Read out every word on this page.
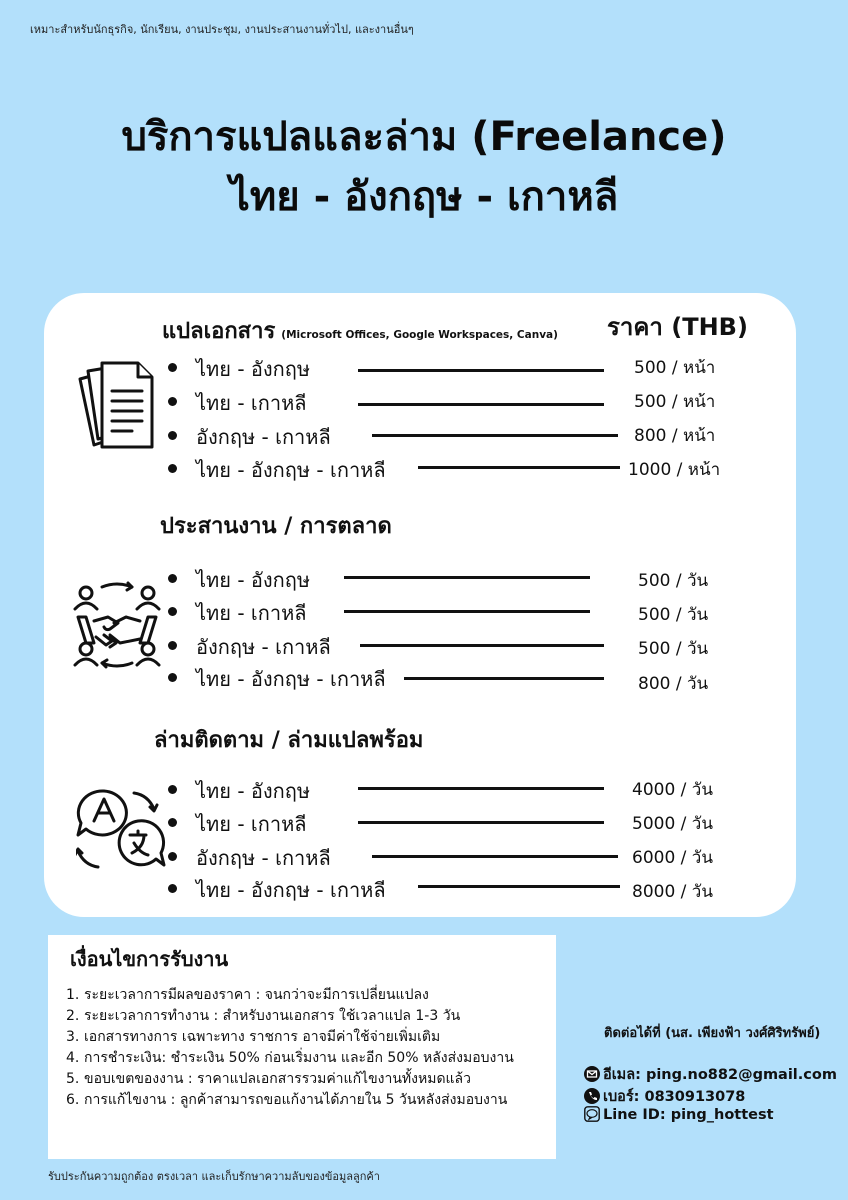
เหมาะสำหรับนักธุรกิจ, นักเรียน, งานประชุม, งานประสานงานทั่วไป, และงานอื่นๆ
บริการแปลและล่าม (Freelance)
ไทย - อังกฤษ - เกาหลี
ราคา (THB)
แปลเอกสาร (Microsoft Offices, Google Workspaces, Canva)
ไทย - อังกฤษ	500 / หน้า
ไทย - เกาหลี	500 / หน้า
อังกฤษ - เกาหลี	800 / หน้า
ไทย - อังกฤษ - เกาหลี	1000 / หน้า
ประสานงาน / การตลาด
ไทย - อังกฤษ	500 / วัน
ไทย - เกาหลี	500 / วัน
อังกฤษ - เกาหลี	500 / วัน
ไทย - อังกฤษ - เกาหลี	800 / วัน
ล่ามติดตาม / ล่ามแปลพร้อม
ไทย - อังกฤษ	4000 / วัน
ไทย - เกาหลี	5000 / วัน
อังกฤษ - เกาหลี	6000 / วัน
ไทย - อังกฤษ - เกาหลี	8000 / วัน
เงื่อนไขการรับงาน
1. ระยะเวลาการมีผลของราคา : จนกว่าจะมีการเปลี่ยนแปลง
2. ระยะเวลาการทำงาน : สำหรับงานเอกสาร ใช้เวลาแปล 1-3 วัน
3. เอกสารทางการ เฉพาะทาง ราชการ อาจมีค่าใช้จ่ายเพิ่มเติม
4. การชำระเงิน: ชำระเงิน 50% ก่อนเริ่มงาน และอีก 50% หลังส่งมอบงาน
5. ขอบเขตของงาน : ราคาแปลเอกสารรวมค่าแก้ไขงานทั้งหมดแล้ว
6. การแก้ไขงาน : ลูกค้าสามารถขอแก้งานได้ภายใน 5 วันหลังส่งมอบงาน
รับประกันความถูกต้อง ตรงเวลา และเก็บรักษาความลับของข้อมูลลูกค้า
ติดต่อได้ที่ (นส. เพียงฟ้า วงศ์ศิริทรัพย์)
อีเมล: ping.no882@gmail.com
เบอร์: 0830913078
Line ID: ping_hottest
